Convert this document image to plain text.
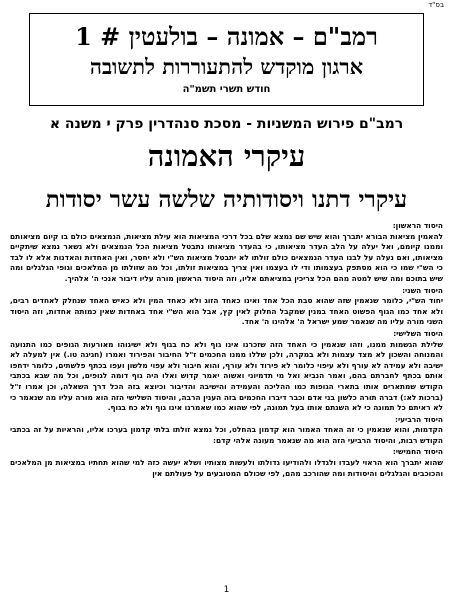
בס"ד
רמב"ם – אמונה – בולעטין # 1
ארגון מוקדש להתעוררות לתשובה
חודש תשרי תשמ"ה
רמב"ם פירוש המשניות - מסכת סנהדרין פרק י משנה א
עיקרי האמונה
עיקרי דתנו ויסודותיה שלשה עשר יסודות
היסוד הראשון:
להאמין מציאות הבורא יתברך והוא שיש שם נמצא שלם בכל דרכי המציאות הוא עילת מציאות, הנמצאים כולם בו קיום מציאותם וממנו קיומם, ואל יעלה על הלב העדר מציאותו, כי בהעדר מציאותו נתבטל מציאות הכל הנמצאים ולא נשאר נמצא שיתקיים מציאותו, ואם נעלה על לבנו העדר הנמצאים כולם זולתו לא יתבטל מציאות הש"י ולא יחסר, ואין האחדות והאדנות אלא לו לבד כי הש"י שמו כי הוא מסתפק בעצמותו ודי לו בעצמו ואין צריך במציאות זולתו, וכל מה שזולתו מן המלאכים וגופי הגלגלים ומה שיש בתוכם ומה שיש למטה מהם הכל צריכין במציאתם אליו, וזה היסוד הראשון מורה עליו דיבור אנכי ה' אלהיך.
היסוד השני:
יחוד הש"י, כלומר שנאמין שזה שהוא סבת הכל אחד ואינו כאחד הזוג ולא כאחד המין ולא כאיש האחד שנחלק לאחדים רבים, ולא אחד כמו הגוף הפשוט האחד במנין שמקבל החלוק לאין קץ, אבל הוא הש"י אחד באחדות שאין כמותה אחדות, וזה היסוד השני מורה עליו מה שנאמר שמע ישראל ה' אלהינו ה' אחד.
היסוד השלישי:
שלילת הגשמות ממנו, וזהו שנאמין כי האחד הזה שזכרנו אינו גוף ולא כח בגוף ולא ישיגוהו מאורעות הגופים כמו התנועה והמנוחה והשכון לא מצד עצמות ולא במקרה, ולכן שללו ממנו החכמים ז"ל החיבור והפירוד ואמרו (חגיגה טו.) אין למעלה לא ישיבה ולא עמידה לא עורף ולא עיפוי כלומר לא פירוד ולא עורף, והוא חיבור ולא עפוי מלשון ועפו בכתף פלשתים, כלומר ידחפו אותם בכתף לחברתם בהם, ואמר הנביא ואל מי תדמיוני ואשוה יאמר קדוש ואלו היה גוף דומה לגופים, וכל מה שבא בכתבי הקודש שמתארים אותו בתארי הגופות כמו ההליכה והעמידה והישיבה והדיבור וכיוצא בזה הכל דרך השאלה, וכן אמרו ז"ל (ברכות לא:) דברה תורה כלשון בני אדם וכבר דיברו החכמים בזה הענין הרבה, והיסוד השלישי הזה הוא מורה עליו מה שנאמר כי לא ראיתם כל תמונה כי לא השגתם אותו בעל תמונה, לפי שהוא כמו שאמרנו אינו גוף ולא כח בגוף.
היסוד הרביעי:
הקדמות, והוא שנאמין כי זה האחד האמור הוא קדמון בהחלט, וכל נמצא זולתו בלתי קדמון בערכו אליו, והראיות על זה בכתבי הקודש רבות, והיסוד הרביעי הזה הוא מה שנאמר מעונה אלהי קדם:
היסוד החמישי:
שהוא יתברך הוא הראוי לעבדו ולגדלו ולהודיעו גדולתו ולעשות מצותיו ושלא יעשה כזה למי שהוא תחתיו במציאות מן המלאכים והכוכבים והגלגלים והיסודות ומה שהורכב מהם, לפי שכולם המטובעים על פעולתם אין
1
